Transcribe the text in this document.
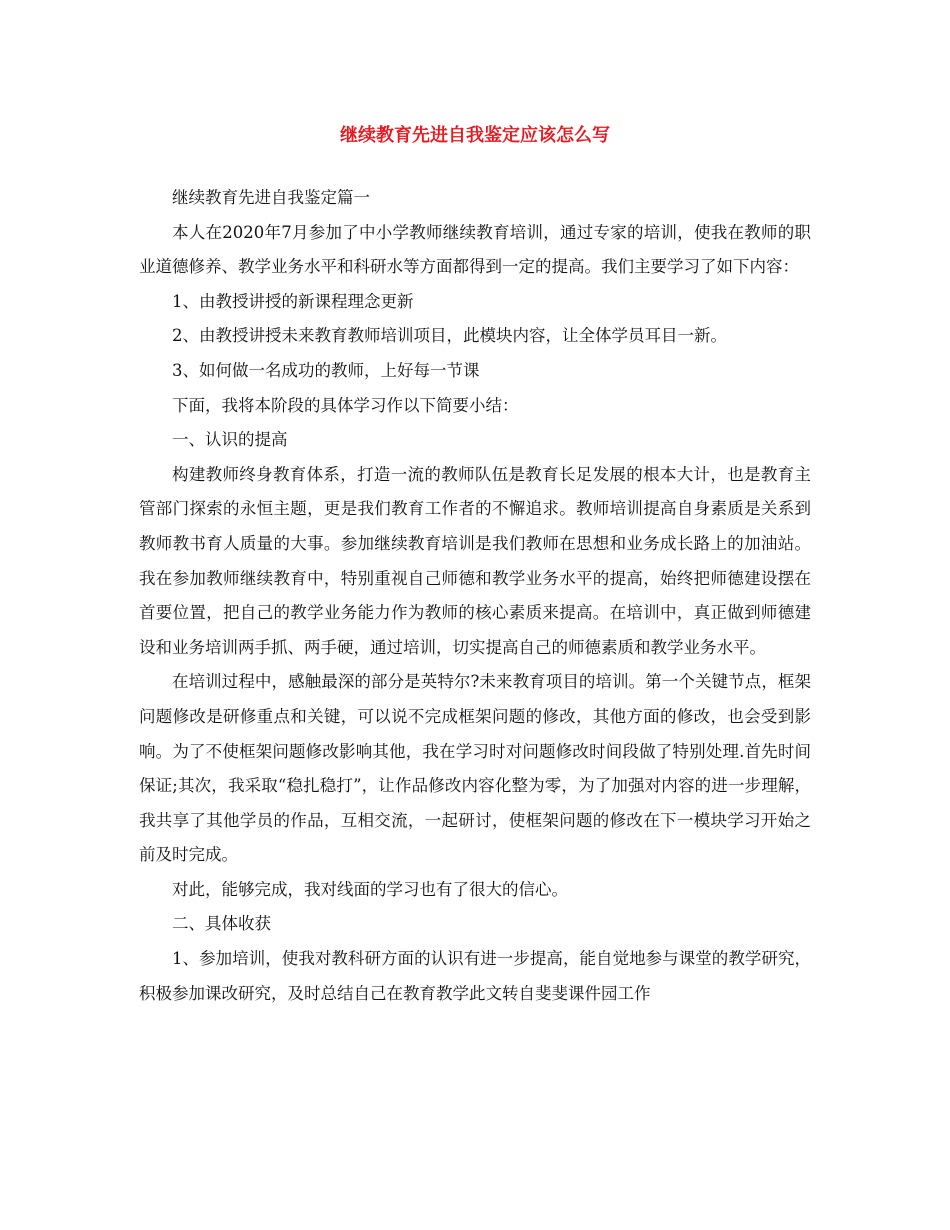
继续教育先进自我鉴定应该怎么写

继续教育先进自我鉴定篇一

本人在2020年7月参加了中小学教师继续教育培训，通过专家的培训，使我在教师的职业道德修养、教学业务水平和科研水等方面都得到一定的提高。我们主要学习了如下内容：

1、由教授讲授的新课程理念更新

2、由教授讲授未来教育教师培训项目，此模块内容，让全体学员耳目一新。

3、如何做一名成功的教师，上好每一节课

下面，我将本阶段的具体学习作以下简要小结：

一、认识的提高

构建教师终身教育体系，打造一流的教师队伍是教育长足发展的根本大计，也是教育主管部门探索的永恒主题，更是我们教育工作者的不懈追求。教师培训提高自身素质是关系到教师教书育人质量的大事。参加继续教育培训是我们教师在思想和业务成长路上的加油站。我在参加教师继续教育中，特别重视自己师德和教学业务水平的提高，始终把师德建设摆在首要位置，把自己的教学业务能力作为教师的核心素质来提高。在培训中，真正做到师德建设和业务培训两手抓、两手硬，通过培训，切实提高自己的师德素质和教学业务水平。

在培训过程中，感触最深的部分是英特尔?未来教育项目的培训。第一个关键节点，框架问题修改是研修重点和关键，可以说不完成框架问题的修改，其他方面的修改，也会受到影响。为了不使框架问题修改影响其他，我在学习时对问题修改时间段做了特别处理.首先时间保证;其次，我采取“稳扎稳打”，让作品修改内容化整为零，为了加强对内容的进一步理解，我共享了其他学员的作品，互相交流，一起研讨，使框架问题的修改在下一模块学习开始之前及时完成。

对此，能够完成，我对线面的学习也有了很大的信心。

二、具体收获

1、参加培训，使我对教科研方面的认识有进一步提高，能自觉地参与课堂的教学研究，积极参加课改研究，及时总结自己在教育教学此文转自斐斐课件园工作
